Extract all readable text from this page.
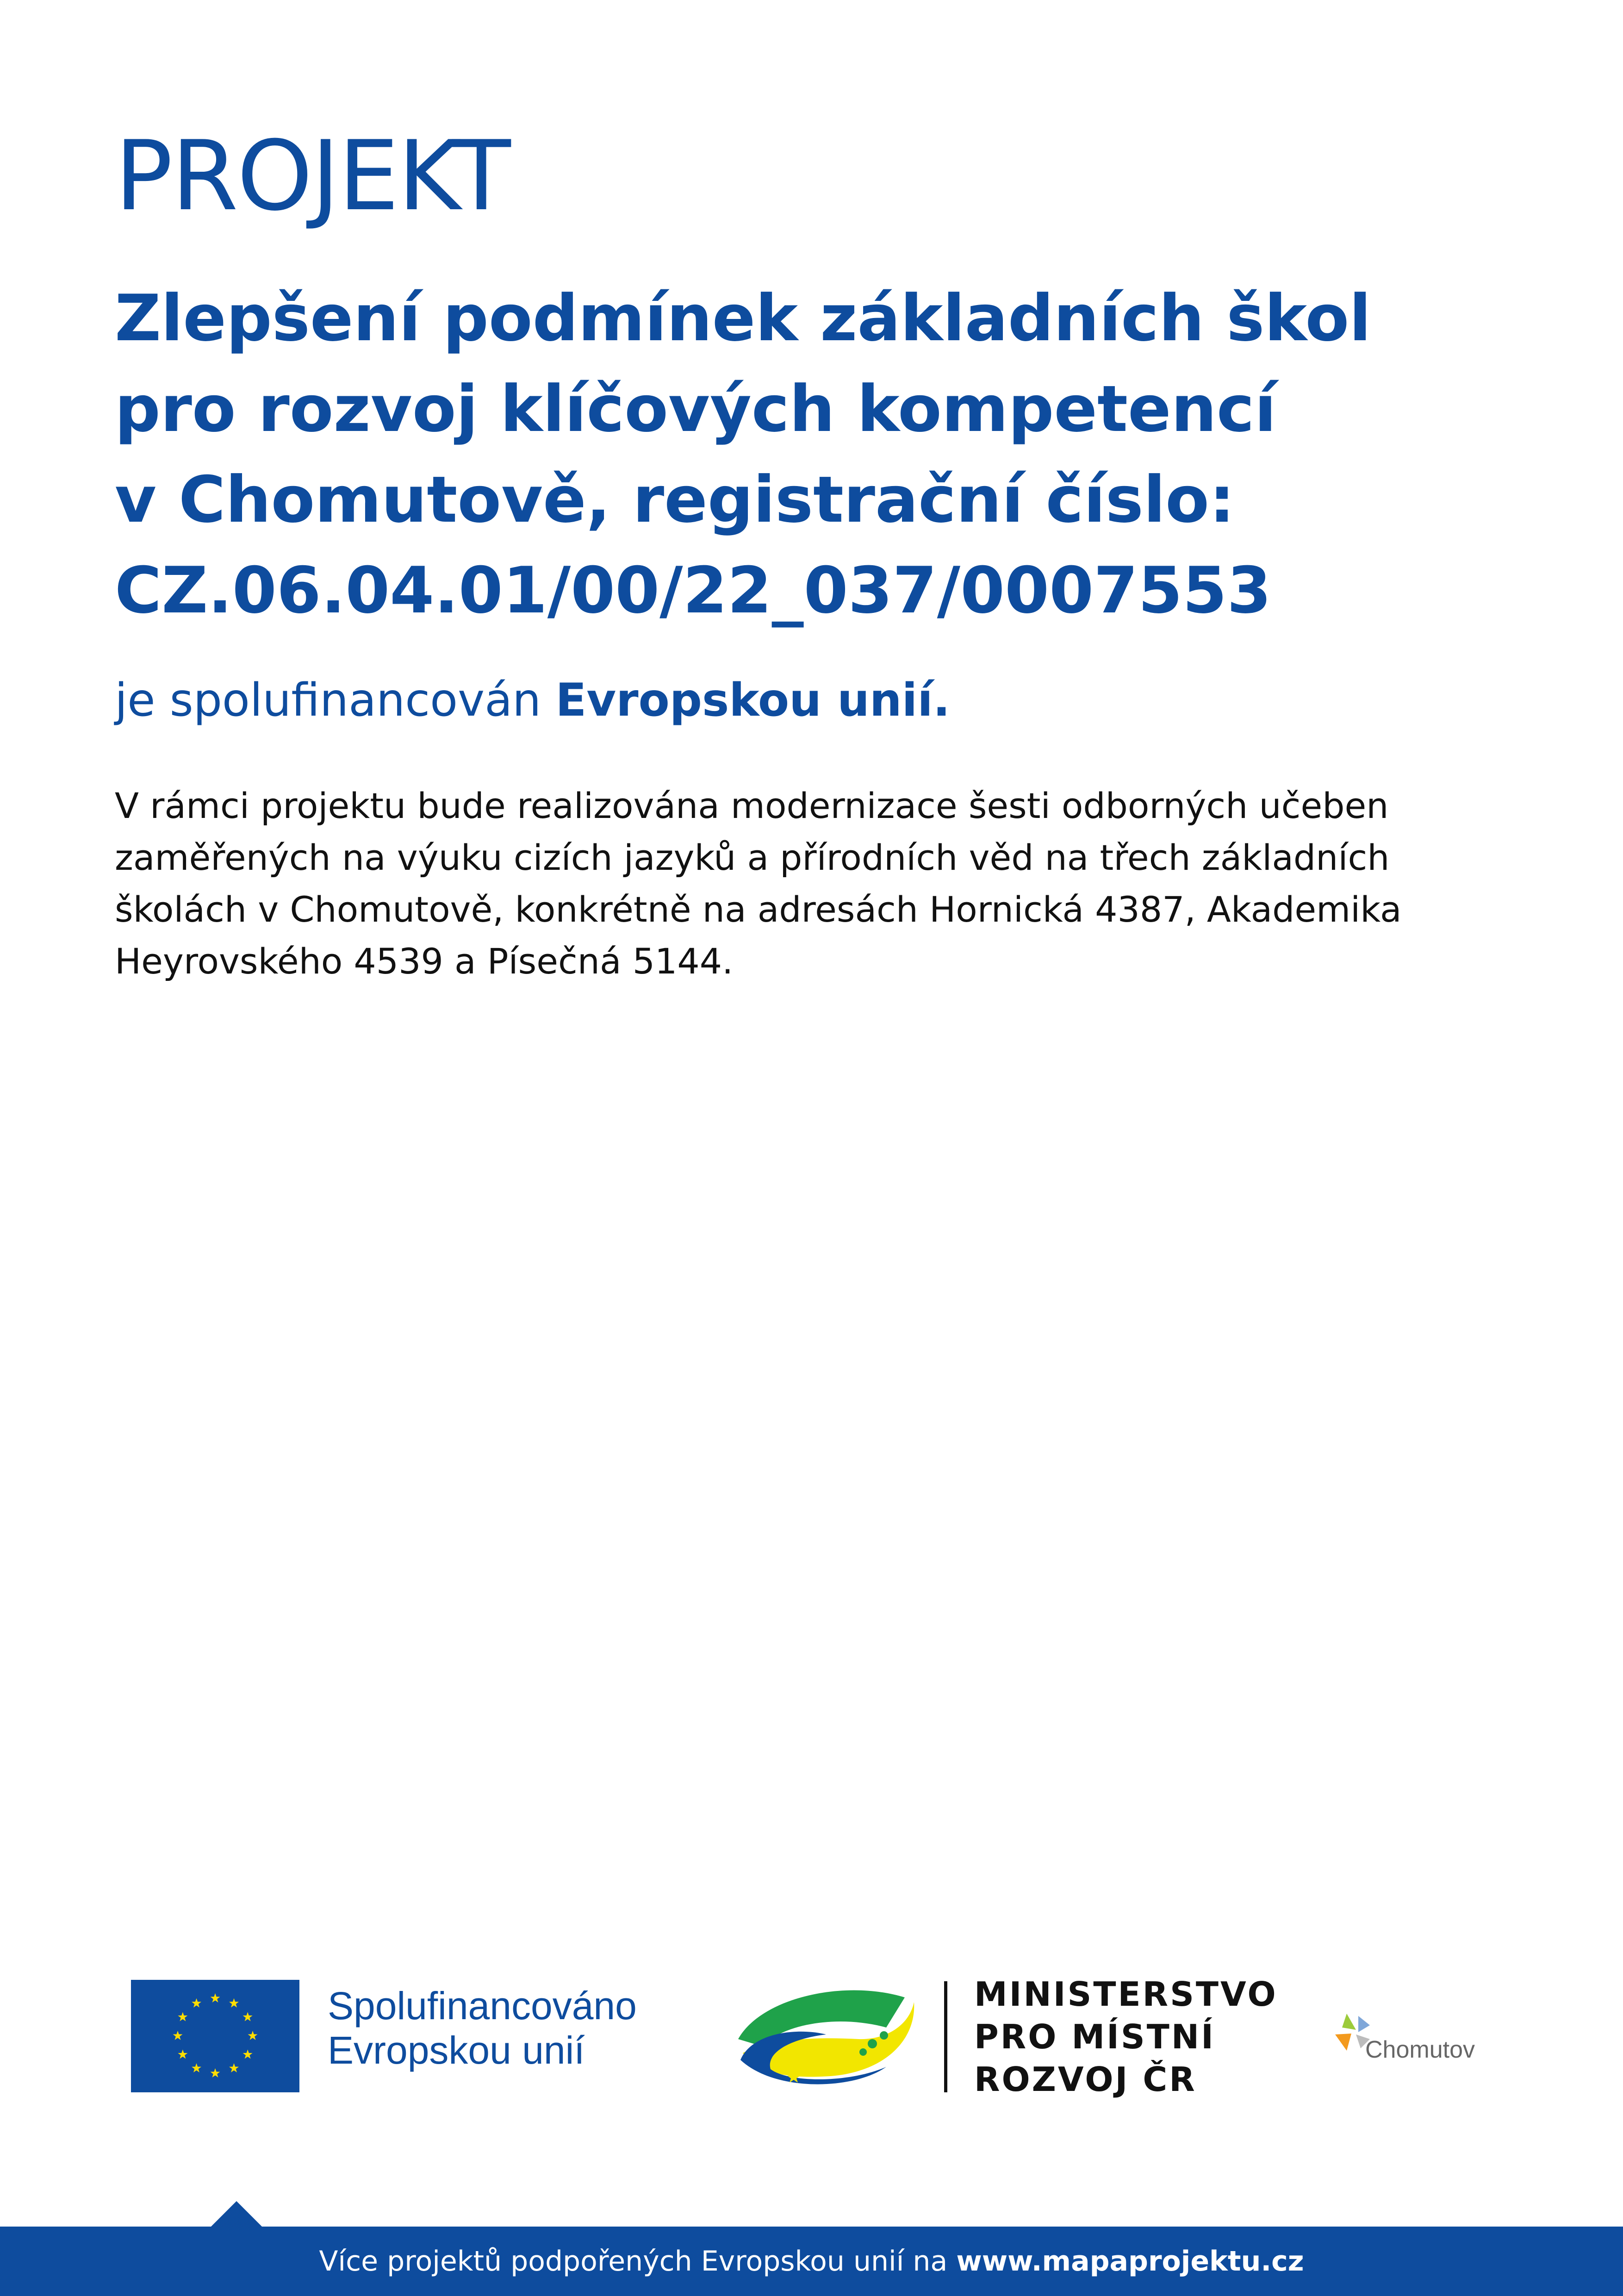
PROJEKT
Zlepšení podmínek základních škol
pro rozvoj klíčových kompetencí
v Chomutově, registrační číslo:
CZ.06.04.01/00/22_037/0007553

je spolufinancován Evropskou unií.

V rámci projektu bude realizována modernizace šesti odborných učeben
zaměřených na výuku cizích jazyků a přírodních věd na třech základních
školách v Chomutově, konkrétně na adresách Hornická 4387, Akademika
Heyrovského 4539 a Písečná 5144.

Spolufinancováno
Evropskou unií
MINISTERSTVO
PRO MÍSTNÍ
ROZVOJ ČR
Chomutov
Více projektů podpořených Evropskou unií na www.mapaprojektu.cz
